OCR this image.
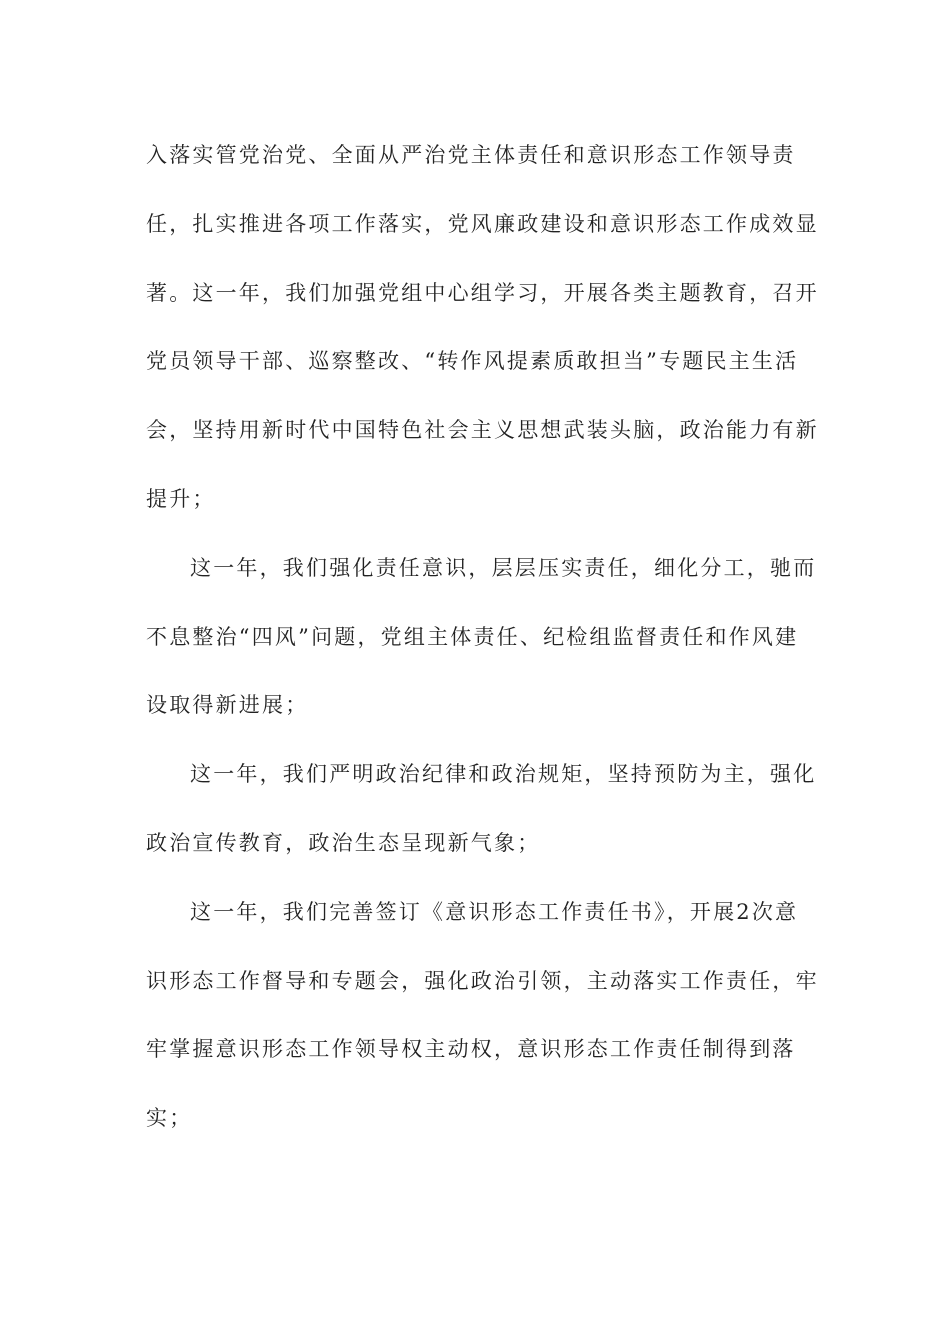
入落实管党治党、全面从严治党主体责任和意识形态工作领导责
任，扎实推进各项工作落实，党风廉政建设和意识形态工作成效显
著。这一年，我们加强党组中心组学习，开展各类主题教育，召开
党员领导干部、巡察整改、“转作风提素质敢担当”专题民主生活
会，坚持用新时代中国特色社会主义思想武装头脑，政治能力有新
提升；
这一年，我们强化责任意识，层层压实责任，细化分工，驰而
不息整治“四风”问题，党组主体责任、纪检组监督责任和作风建
设取得新进展；
这一年，我们严明政治纪律和政治规矩，坚持预防为主，强化
政治宣传教育，政治生态呈现新气象；
这一年，我们完善签订《意识形态工作责任书》，开展2次意
识形态工作督导和专题会，强化政治引领，主动落实工作责任，牢
牢掌握意识形态工作领导权主动权，意识形态工作责任制得到落
实；
